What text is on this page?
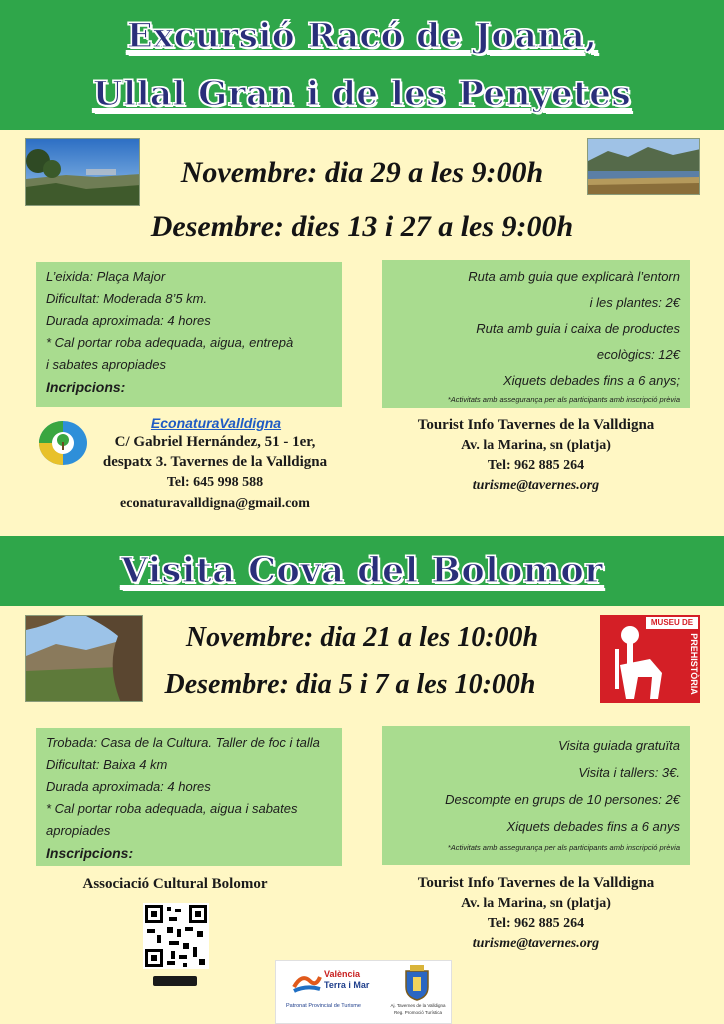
Excursió Racó de Joana,
Ullal Gran i de les Penyetes
Novembre: dia 29 a les 9:00h
Desembre: dies 13 i 27 a les 9:00h
L’eixida: Plaça Major
Dificultat: Moderada 8’5 km.
Durada aproximada: 4 hores
* Cal portar roba adequada, aigua, entrepà
i sabates apropiades
Incripcions:
Ruta amb guia que explicarà l’entorn
i les plantes: 2€
Ruta amb guia i caixa de productes
ecològics: 12€
Xiquets debades fins a 6 anys;
*Activitats amb assegurança per als participants amb inscripció prèvia
EconaturaValldigna
C/ Gabriel Hernández, 51 - 1er,
despatx 3. Tavernes de la Valldigna
Tel: 645 998 588
econaturavalldigna@gmail.com
Tourist Info Tavernes de la Valldigna
Av. la Marina, sn (platja)
Tel: 962 885 264
turisme@tavernes.org
Visita Cova del Bolomor
MUSEU DE
PREHISTÒRIA
Novembre: dia 21 a les 10:00h
Desembre: dia 5 i 7 a les 10:00h
Trobada: Casa de la Cultura. Taller de foc i talla
Dificultat: Baixa 4 km
Durada aproximada: 4 hores
* Cal portar roba adequada, aigua i sabates
apropiades
Inscripcions:
Visita guiada gratuïta
Visita i tallers: 3€.
Descompte en grups de 10 persones: 2€
Xiquets debades fins a 6 anys
*Activitats amb assegurança per als participants amb inscripció prèvia
Associació Cultural Bolomor	Tourist Info Tavernes de la Valldigna
Av. la Marina, sn (platja)
Tel: 962 885 264
turisme@tavernes.org
València
Terra i Mar
Patronat Provincial de Turisme	Aj. Tavernes de la Valldigna
Reg. Promoció Turística
